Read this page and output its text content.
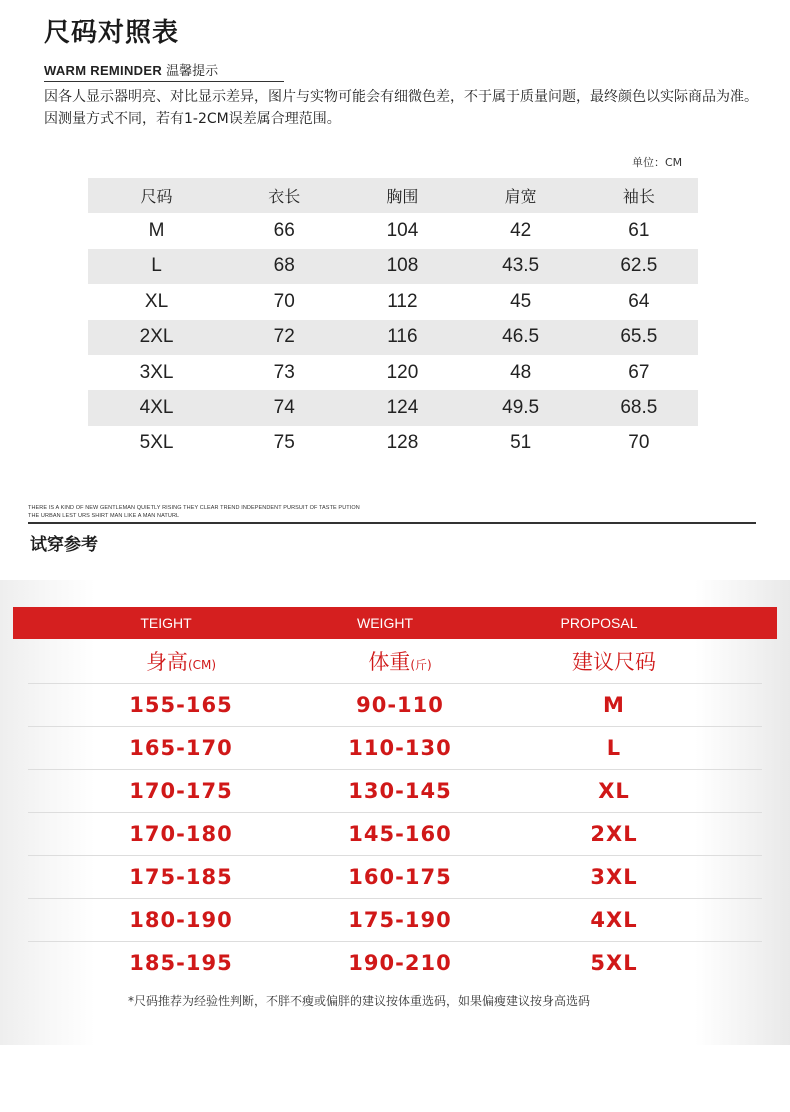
尺码对照表
WARM REMINDER 温馨提示
因各人显示器明亮、对比显示差异，图片与实物可能会有细微色差，不于属于质量问题，最终颜色以实际商品为准。因测量方式不同，若有1-2CM误差属合理范围。
单位：CM
尺码	衣长	胸围	肩宽	袖长
M	66	104	42	61
L	68	108	43.5	62.5
XL	70	112	45	64
2XL	72	116	46.5	65.5
3XL	73	120	48	67
4XL	74	124	49.5	68.5
5XL	75	128	51	70
THERE IS A KIND OF NEW GENTLEMAN QUIETLY RISING THEY CLEAR TREND INDEPENDENT PURSUIT OF TASTE PUTION
THE URBAN LEST URS SHIRT MAN LIKE A MAN NATURL
试穿参考
TEIGHT	WEIGHT	PROPOSAL
身高(CM)	体重(斤)	建议尺码
155-165	90-110	M
165-170	110-130	L
170-175	130-145	XL
170-180	145-160	2XL
175-185	160-175	3XL
180-190	175-190	4XL
185-195	190-210	5XL
*尺码推荐为经验性判断，不胖不瘦或偏胖的建议按体重选码，如果偏瘦建议按身高选码
